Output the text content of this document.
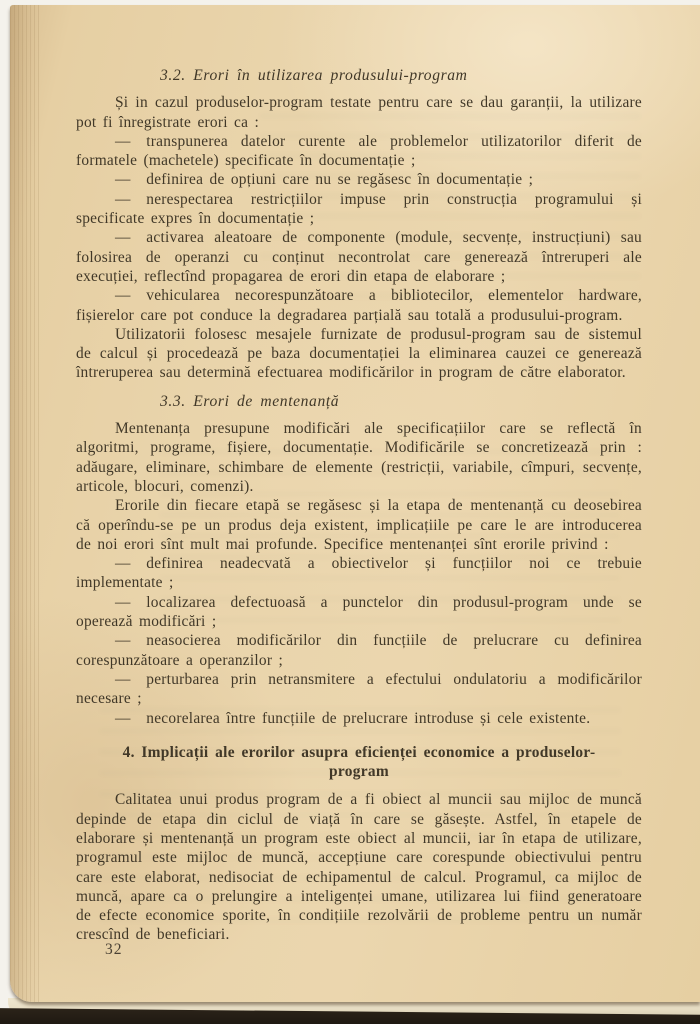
3.2. Erori în utilizarea produsului-program

Și in cazul produselor-program testate pentru care se dau garanții, la utilizare pot fi înregistrate erori ca :

— transpunerea datelor curente ale problemelor utilizatorilor diferit de formatele (machetele) specificate în documentație ;

— definirea de opțiuni care nu se regăsesc în documentație ;

— nerespectarea restricțiilor impuse prin construcția programului și specificate expres în documentație ;

— activarea aleatoare de componente (module, secvențe, instrucțiuni) sau folosirea de operanzi cu conținut necontrolat care generează întreruperi ale execuției, reflectînd propagarea de erori din etapa de elaborare ;

— vehicularea necorespunzătoare a bibliotecilor, elementelor hardware, fișierelor care pot conduce la degradarea parțială sau totală a produsului-program.

Utilizatorii folosesc mesajele furnizate de produsul-program sau de sistemul de calcul și procedează pe baza documentației la eliminarea cauzei ce generează întreruperea sau determină efectuarea modificărilor in program de către elaborator.

3.3. Erori de mentenanță

Mentenanța presupune modificări ale specificațiilor care se reflectă în algoritmi, programe, fișiere, documentație. Modificările se concretizează prin : adăugare, eliminare, schimbare de elemente (restricții, variabile, cîmpuri, secvențe, articole, blocuri, comenzi).

Erorile din fiecare etapă se regăsesc și la etapa de mentenanță cu deosebirea că operîndu-se pe un produs deja existent, implicațiile pe care le are introducerea de noi erori sînt mult mai profunde. Specifice mentenanței sînt erorile privind :

— definirea neadecvată a obiectivelor și funcțiilor noi ce trebuie implementate ;

— localizarea defectuoasă a punctelor din produsul-program unde se operează modificări ;

— neasocierea modificărilor din funcțiile de prelucrare cu definirea corespunzătoare a operanzilor ;

— perturbarea prin netransmitere a efectului ondulatoriu a modificărilor necesare ;

— necorelarea între funcțiile de prelucrare introduse și cele existente.

4. Implicații ale erorilor asupra eficienței economice a produselor-
program

Calitatea unui produs program de a fi obiect al muncii sau mijloc de muncă depinde de etapa din ciclul de viață în care se găsește. Astfel, în etapele de elaborare și mentenanță un program este obiect al muncii, iar în etapa de utilizare, programul este mijloc de muncă, accepțiune care corespunde obiectivului pentru care este elaborat, nedisociat de echipamentul de calcul. Programul, ca mijloc de muncă, apare ca o prelungire a inteligenței umane, utilizarea lui fiind generatoare de efecte economice sporite, în condițiile rezolvării de probleme pentru un număr crescînd de beneficiari.

32
